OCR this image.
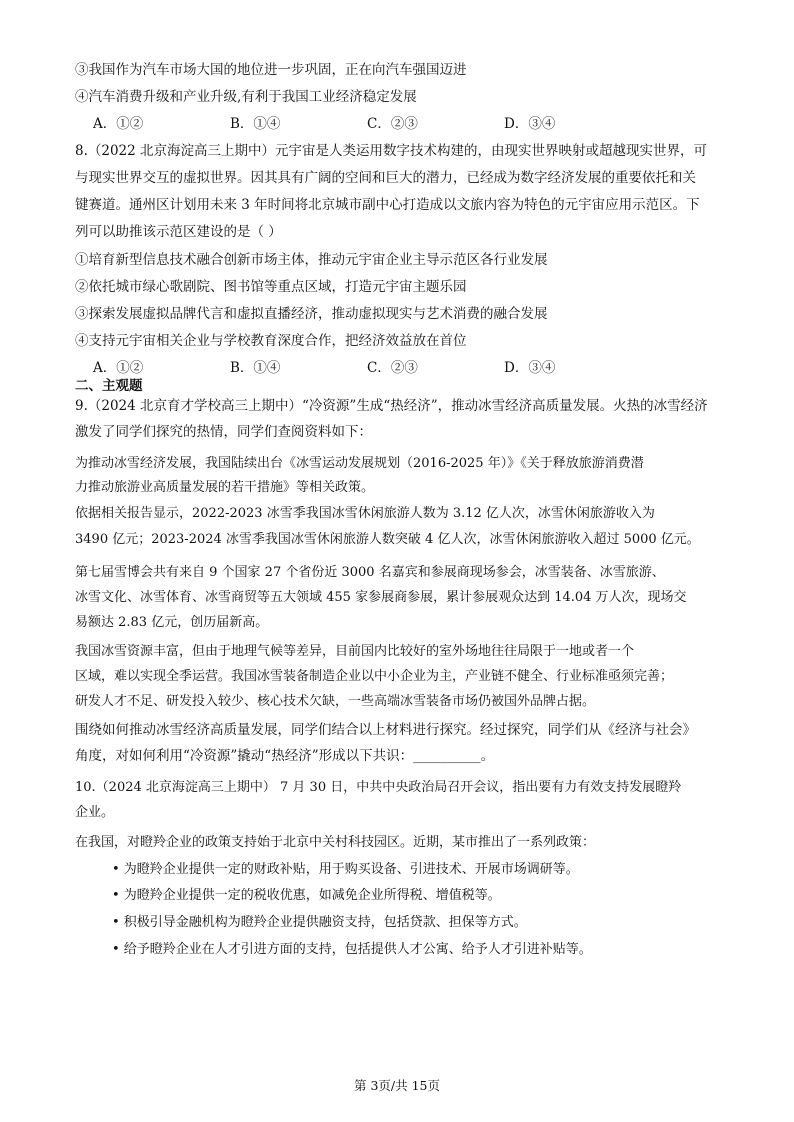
③我国作为汽车市场大国的地位进一步巩固，正在向汽车强国迈进
④汽车消费升级和产业升级,有利于我国工业经济稳定发展
A．①②	B．①④	C．②③	D．③④
8.（2022 北京海淀高三上期中）元宇宙是人类运用数字技术构建的，由现实世界映射或超越现实世界，可
与现实世界交互的虚拟世界。因其具有广阔的空间和巨大的潜力，已经成为数字经济发展的重要依托和关
键赛道。通州区计划用未来 3 年时间将北京城市副中心打造成以文旅内容为特色的元宇宙应用示范区。下
列可以助推该示范区建设的是（ ）
①培育新型信息技术融合创新市场主体，推动元宇宙企业主导示范区各行业发展
②依托城市绿心歌剧院、图书馆等重点区域，打造元宇宙主题乐园
③探索发展虚拟品牌代言和虚拟直播经济，推动虚拟现实与艺术消费的融合发展
④支持元宇宙相关企业与学校教育深度合作，把经济效益放在首位
A．①②	B．①④	C．②③	D．③④
二、主观题
9.（2024 北京育才学校高三上期中）“冷资源”生成“热经济”，推动冰雪经济高质量发展。火热的冰雪经济
激发了同学们探究的热情，同学们查阅资料如下：
为推动冰雪经济发展，我国陆续出台《冰雪运动发展规划（2016-2025 年）》《关于释放旅游消费潜
力推动旅游业高质量发展的若干措施》等相关政策。
依据相关报告显示，2022-2023 冰雪季我国冰雪休闲旅游人数为 3.12 亿人次，冰雪休闲旅游收入为
3490 亿元；2023-2024 冰雪季我国冰雪休闲旅游人数突破 4 亿人次，冰雪休闲旅游收入超过 5000 亿元。
第七届雪博会共有来自 9 个国家 27 个省份近 3000 名嘉宾和参展商现场参会，冰雪装备、冰雪旅游、
冰雪文化、冰雪体育、冰雪商贸等五大领域 455 家参展商参展，累计参展观众达到 14.04 万人次，现场交
易额达 2.83 亿元，创历届新高。
我国冰雪资源丰富，但由于地理气候等差异，目前国内比较好的室外场地往往局限于一地或者一个
区域，难以实现全季运营。我国冰雪装备制造企业以中小企业为主，产业链不健全、行业标准亟须完善；
研发人才不足、研发投入较少、核心技术欠缺，一些高端冰雪装备市场仍被国外品牌占据。
围绕如何推动冰雪经济高质量发展，同学们结合以上材料进行探究。经过探究，同学们从《经济与社会》
角度，对如何利用“冷资源”撬动“热经济”形成以下共识：__________。
10.（2024 北京海淀高三上期中） 7 月 30 日，中共中央政治局召开会议，指出要有力有效支持发展瞪羚
企业。
在我国，对瞪羚企业的政策支持始于北京中关村科技园区。近期，某市推出了一系列政策：
• 为瞪羚企业提供一定的财政补贴，用于购买设备、引进技术、开展市场调研等。
• 为瞪羚企业提供一定的税收优惠，如减免企业所得税、增值税等。
• 积极引导金融机构为瞪羚企业提供融资支持，包括贷款、担保等方式。
• 给予瞪羚企业在人才引进方面的支持，包括提供人才公寓、给予人才引进补贴等。
第 3页/共 15页
